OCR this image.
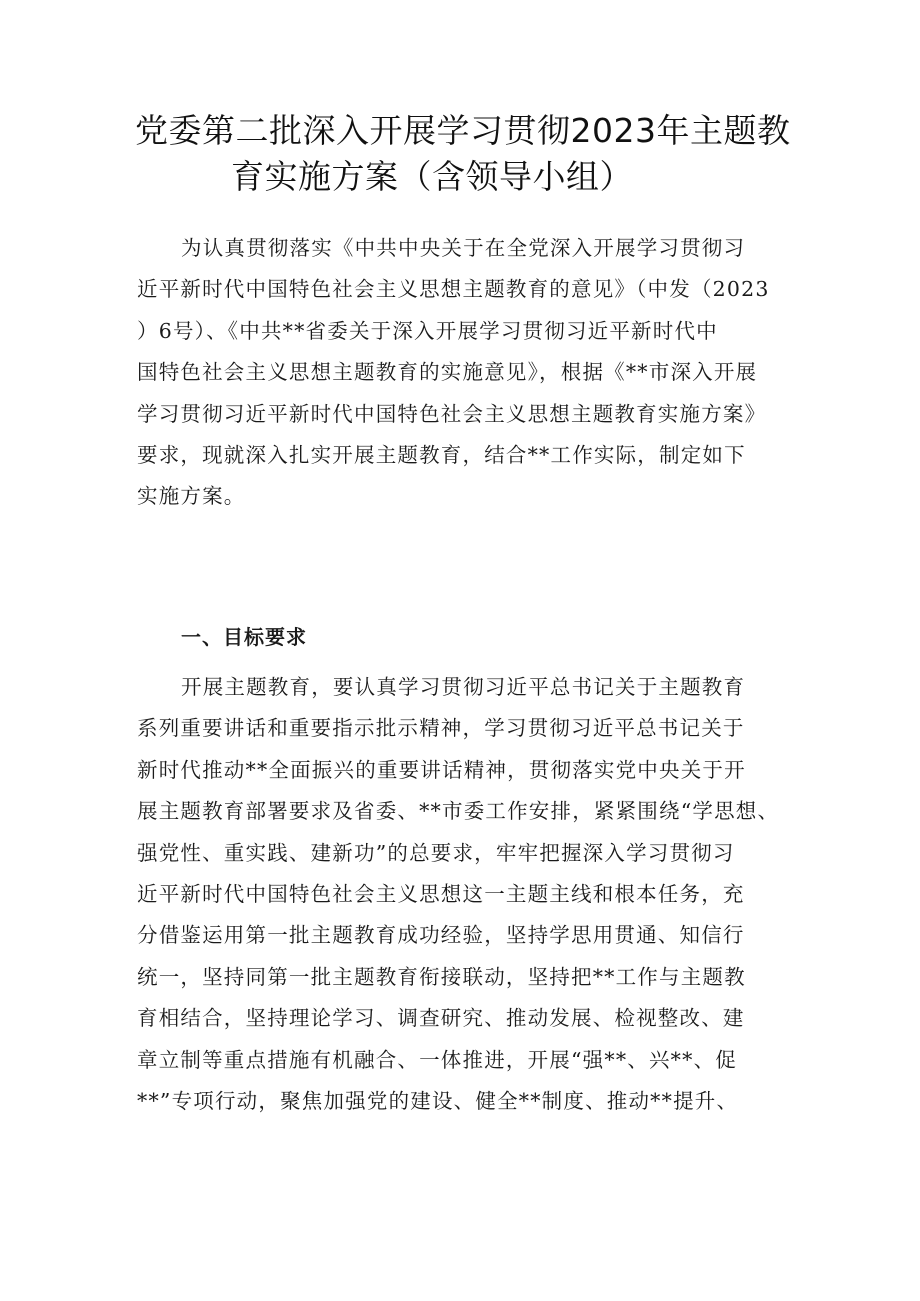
党委第二批深入开展学习贯彻2023年主题教
育实施方案（含领导小组）
为认真贯彻落实《中共中央关于在全党深入开展学习贯彻习
近平新时代中国特色社会主义思想主题教育的意见》（中发（2023
）6号）、《中共**省委关于深入开展学习贯彻习近平新时代中
国特色社会主义思想主题教育的实施意见》，根据《**市深入开展
学习贯彻习近平新时代中国特色社会主义思想主题教育实施方案》
要求，现就深入扎实开展主题教育，结合**工作实际，制定如下
实施方案。
一、目标要求
开展主题教育，要认真学习贯彻习近平总书记关于主题教育
系列重要讲话和重要指示批示精神，学习贯彻习近平总书记关于
新时代推动**全面振兴的重要讲话精神，贯彻落实党中央关于开
展主题教育部署要求及省委、**市委工作安排，紧紧围绕“学思想、
强党性、重实践、建新功”的总要求，牢牢把握深入学习贯彻习
近平新时代中国特色社会主义思想这一主题主线和根本任务，充
分借鉴运用第一批主题教育成功经验，坚持学思用贯通、知信行
统一，坚持同第一批主题教育衔接联动，坚持把**工作与主题教
育相结合，坚持理论学习、调查研究、推动发展、检视整改、建
章立制等重点措施有机融合、一体推进，开展“强**、兴**、促
**”专项行动，聚焦加强党的建设、健全**制度、推动**提升、
